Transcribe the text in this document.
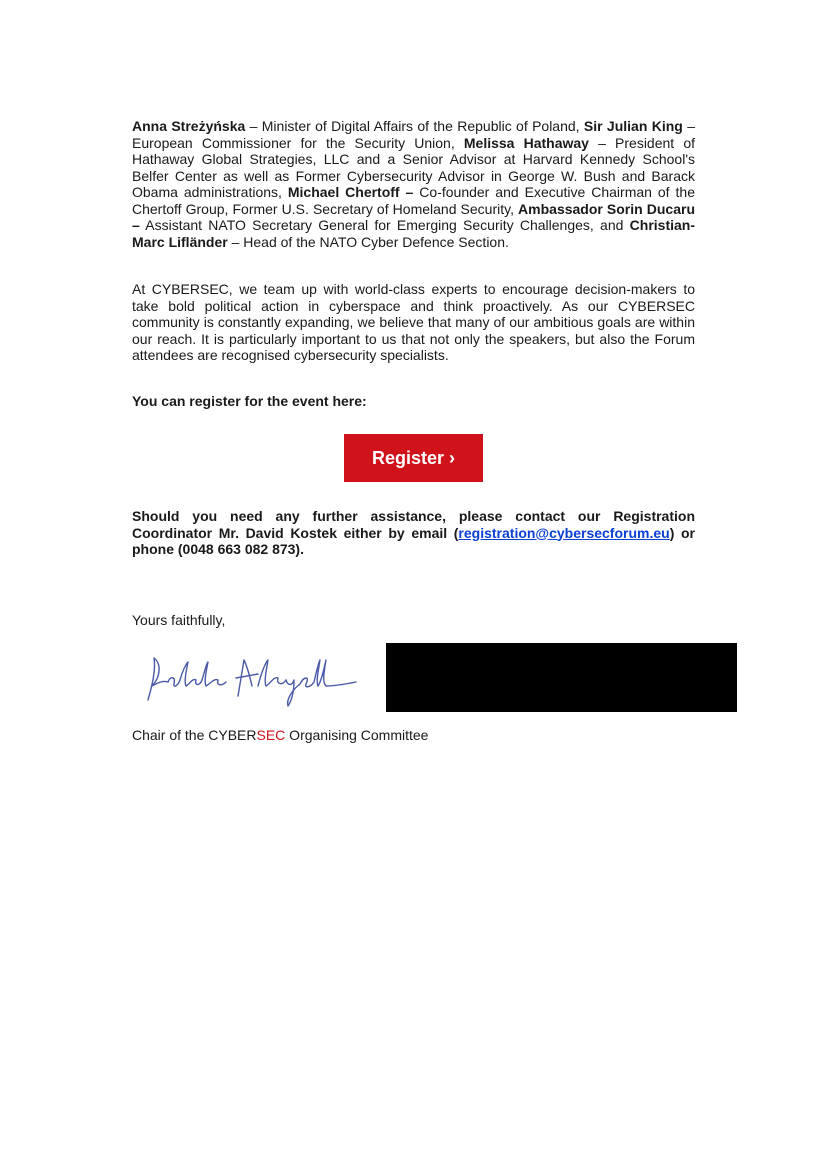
Anna Streżyńska – Minister of Digital Affairs of the Republic of Poland, Sir Julian King – European Commissioner for the Security Union, Melissa Hathaway – President of Hathaway Global Strategies, LLC and a Senior Advisor at Harvard Kennedy School's Belfer Center as well as Former Cybersecurity Advisor in George W. Bush and Barack Obama administrations, Michael Chertoff – Co-founder and Executive Chairman of the Chertoff Group, Former U.S. Secretary of Homeland Security, Ambassador Sorin Ducaru – Assistant NATO Secretary General for Emerging Security Challenges, and Christian-Marc Lifländer – Head of the NATO Cyber Defence Section.

At CYBERSEC, we team up with world-class experts to encourage decision-makers to take bold political action in cyberspace and think proactively. As our CYBERSEC community is constantly expanding, we believe that many of our ambitious goals are within our reach. It is particularly important to us that not only the speakers, but also the Forum attendees are recognised cybersecurity specialists.

You can register for the event here:

Register ›

Should you need any further assistance, please contact our Registration Coordinator Mr. David Kostek either by email (registration@cybersecforum.eu) or phone (0048 663 082 873).

Yours faithfully,

Chair of the CYBERSEC Organising Committee
